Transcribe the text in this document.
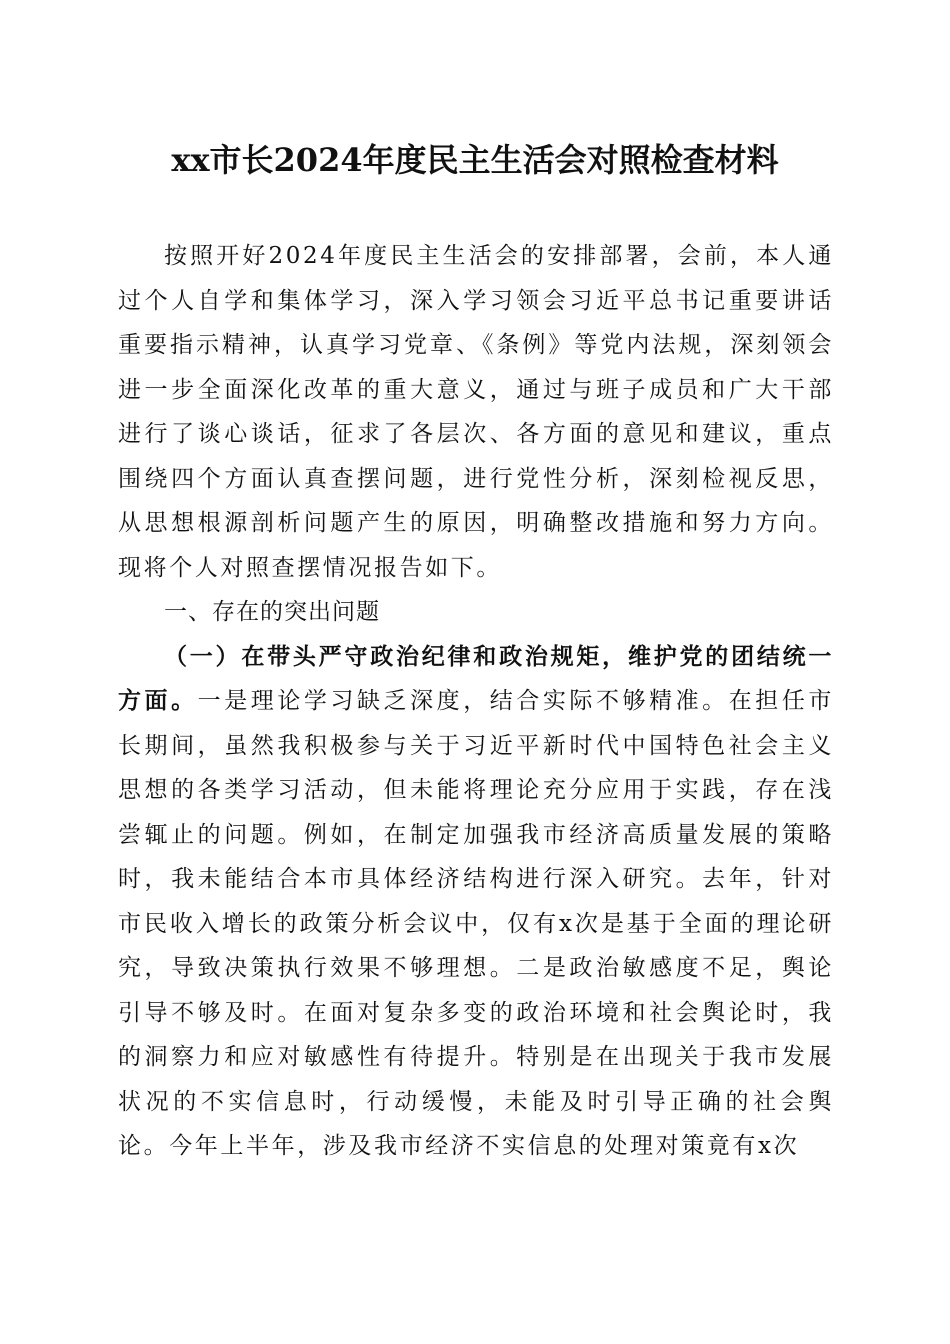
xx市长2024年度民主生活会对照检查材料

按照开好2024年度民主生活会的安排部署，会前，本人通过个人自学和集体学习，深入学习领会习近平总书记重要讲话重要指示精神，认真学习党章、《条例》等党内法规，深刻领会进一步全面深化改革的重大意义，通过与班子成员和广大干部进行了谈心谈话，征求了各层次、各方面的意见和建议，重点围绕四个方面认真查摆问题，进行党性分析，深刻检视反思，从思想根源剖析问题产生的原因，明确整改措施和努力方向。现将个人对照查摆情况报告如下。

一、存在的突出问题

（一）在带头严守政治纪律和政治规矩，维护党的团结统一方面。一是理论学习缺乏深度，结合实际不够精准。在担任市长期间，虽然我积极参与关于习近平新时代中国特色社会主义思想的各类学习活动，但未能将理论充分应用于实践，存在浅尝辄止的问题。例如，在制定加强我市经济高质量发展的策略时，我未能结合本市具体经济结构进行深入研究。去年，针对市民收入增长的政策分析会议中，仅有x次是基于全面的理论研究，导致决策执行效果不够理想。二是政治敏感度不足，舆论引导不够及时。在面对复杂多变的政治环境和社会舆论时，我的洞察力和应对敏感性有待提升。特别是在出现关于我市发展状况的不实信息时，行动缓慢，未能及时引导正确的社会舆论。今年上半年，涉及我市经济不实信息的处理对策竟有x次
